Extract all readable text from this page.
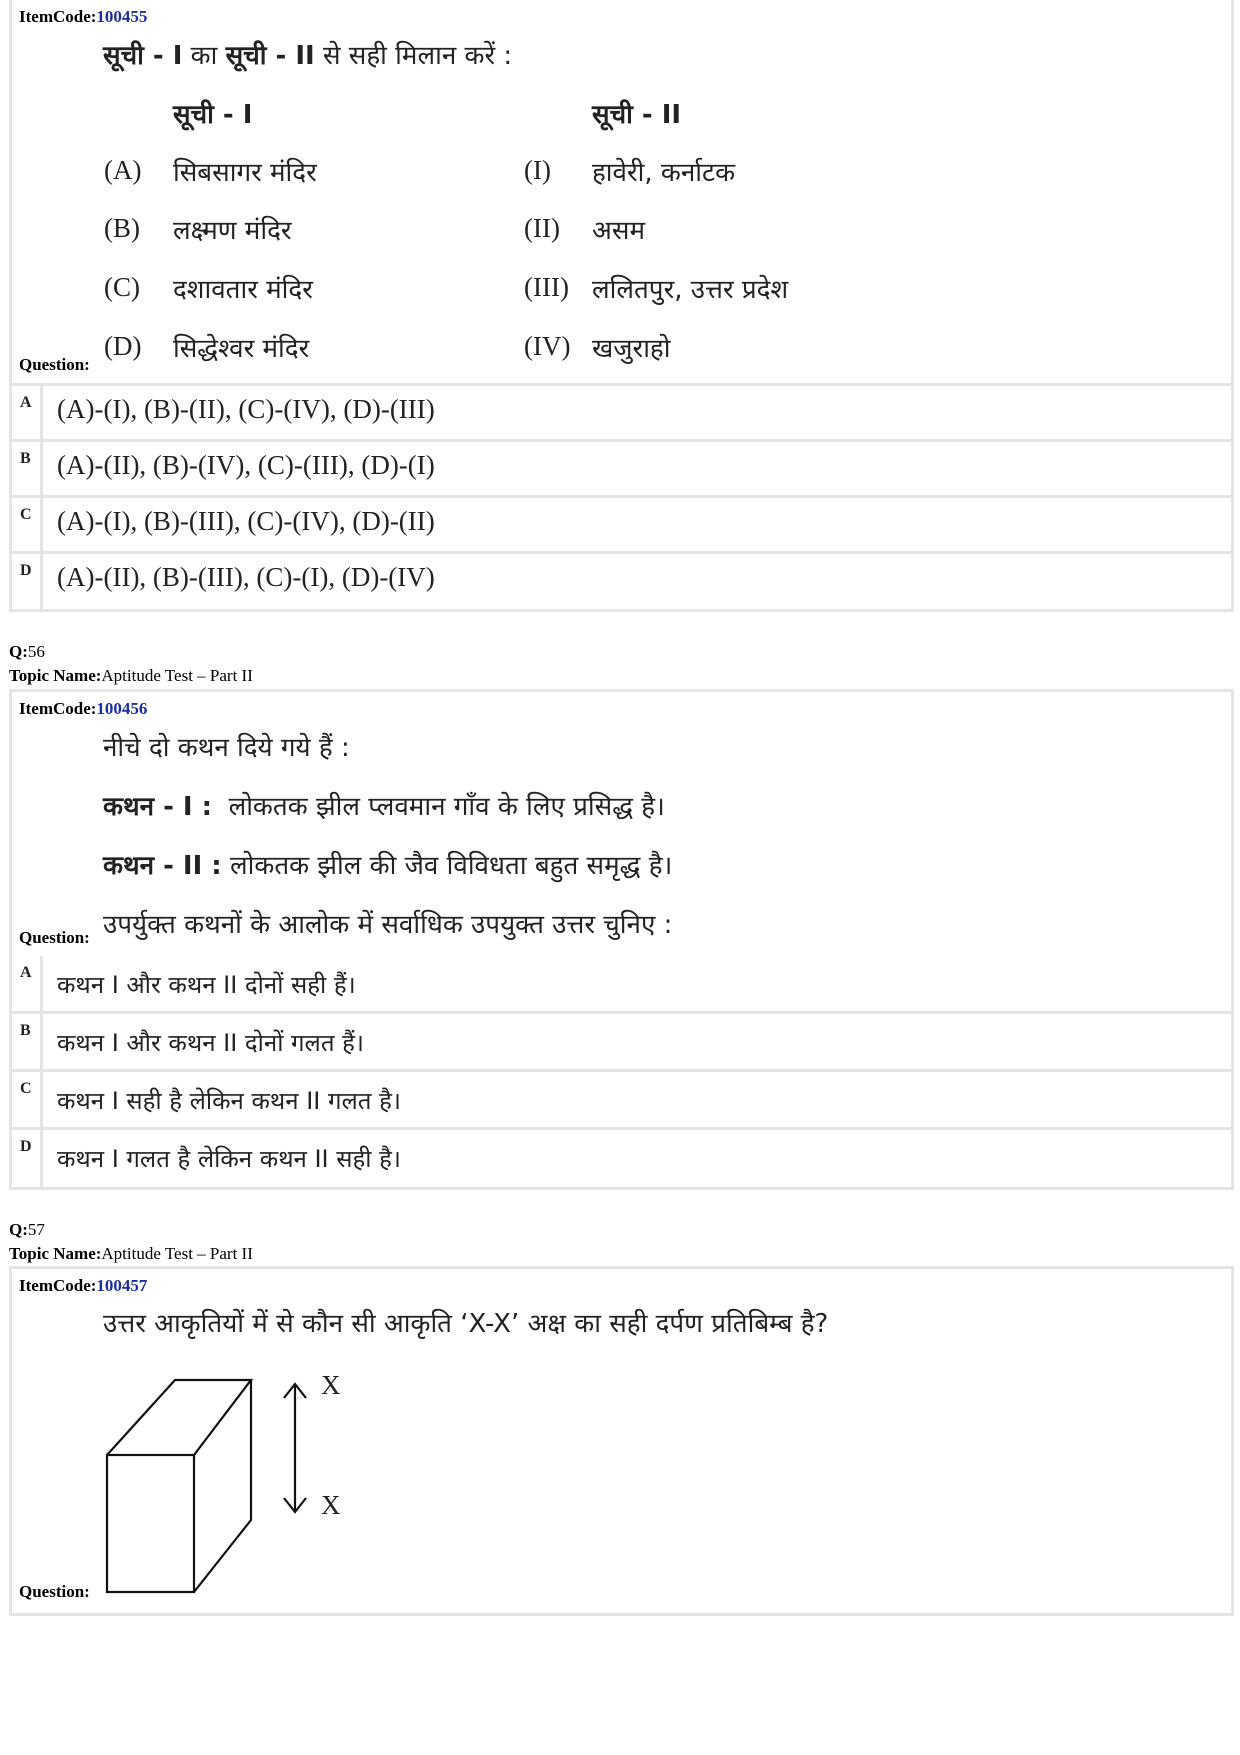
ItemCode:100455
सूची - I का सूची - II से सही मिलान करें :
सूची - I	सूची - II
(A) सिबसागर मंदिर	(I) हावेरी, कर्नाटक
(B) लक्ष्मण मंदिर	(II) असम
(C) दशावतार मंदिर	(III) ललितपुर, उत्तर प्रदेश
(D) सिद्धेश्वर मंदिर	(IV) खजुराहो
Question:
A (A)-(I), (B)-(II), (C)-(IV), (D)-(III)
B (A)-(II), (B)-(IV), (C)-(III), (D)-(I)
C (A)-(I), (B)-(III), (C)-(IV), (D)-(II)
D (A)-(II), (B)-(III), (C)-(I), (D)-(IV)
Q:56
Topic Name:Aptitude Test – Part II
ItemCode:100456
नीचे दो कथन दिये गये हैं :
कथन - I : लोकतक झील प्लवमान गाँव के लिए प्रसिद्ध है।
कथन - II : लोकतक झील की जैव विविधता बहुत समृद्ध है।
उपर्युक्त कथनों के आलोक में सर्वाधिक उपयुक्त उत्तर चुनिए :
Question:
A कथन I और कथन II दोनों सही हैं।
B कथन I और कथन II दोनों गलत हैं।
C कथन I सही है लेकिन कथन II गलत है।
D कथन I गलत है लेकिन कथन II सही है।
Q:57
Topic Name:Aptitude Test – Part II
ItemCode:100457
उत्तर आकृतियों में से कौन सी आकृति ‘X-X’ अक्ष का सही दर्पण प्रतिबिम्ब है?
X
X
Question:
